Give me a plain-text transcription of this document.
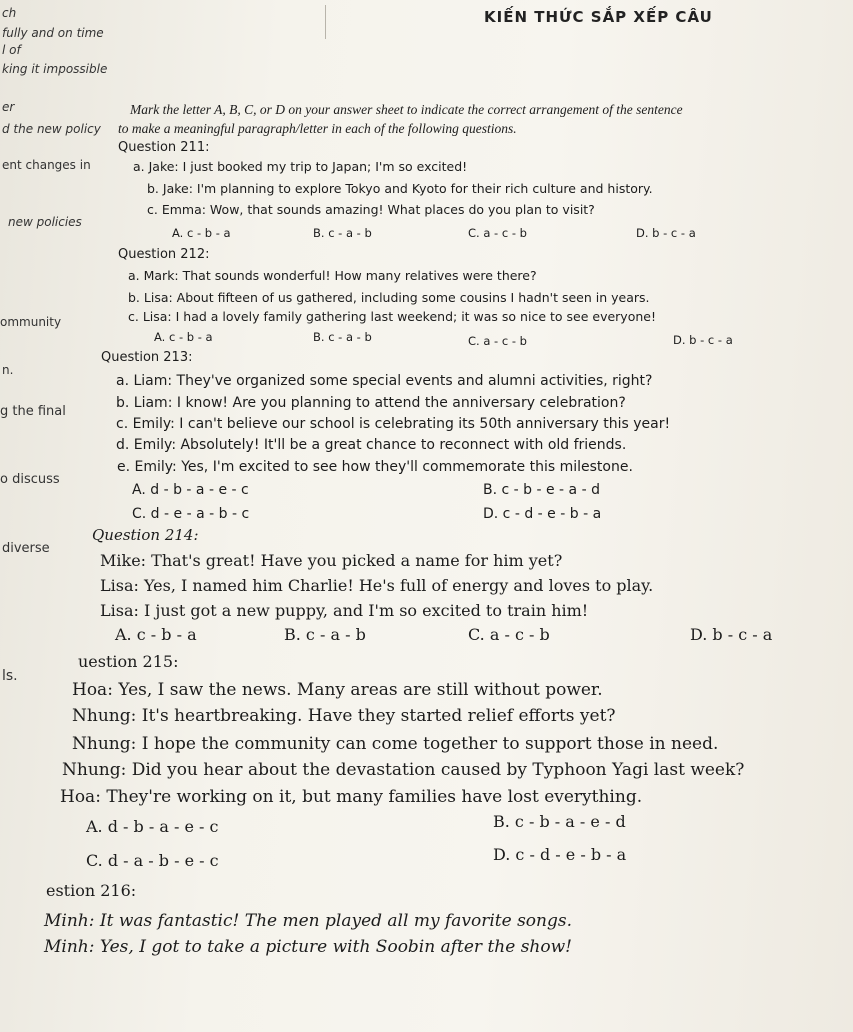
ch
fully and on time
l of
king it impossible
er
d the new policy
ent changes in
new policies
ommunity
n.
g the final
o discuss
diverse
ls.
KIẾN THỨC SẮP XẾP CÂU
Mark the letter A, B, C, or D on your answer sheet to indicate the correct arrangement of the sentence
to make a meaningful paragraph/letter in each of the following questions.
Question 211:
a. Jake: I just booked my trip to Japan; I'm so excited!
b. Jake: I'm planning to explore Tokyo and Kyoto for their rich culture and history.
c. Emma: Wow, that sounds amazing! What places do you plan to visit?
A. c - b - a	B. c - a - b	C. a - c - b	D. b - c - a
Question 212:
a. Mark: That sounds wonderful! How many relatives were there?
b. Lisa: About fifteen of us gathered, including some cousins I hadn't seen in years.
c. Lisa: I had a lovely family gathering last weekend; it was so nice to see everyone!
A. c - b - a	B. c - a - b	C. a - c - b	D. b - c - a
Question 213:
a. Liam: They've organized some special events and alumni activities, right?
b. Liam: I know! Are you planning to attend the anniversary celebration?
c. Emily: I can't believe our school is celebrating its 50th anniversary this year!
d. Emily: Absolutely! It'll be a great chance to reconnect with old friends.
e. Emily: Yes, I'm excited to see how they'll commemorate this milestone.
A. d - b - a - e - c	B. c - b - e - a - d
C. d - e - a - b - c	D. c - d - e - b - a
Question 214:
Mike: That's great! Have you picked a name for him yet?
Lisa: Yes, I named him Charlie! He's full of energy and loves to play.
Lisa: I just got a new puppy, and I'm so excited to train him!
A. c - b - a	B. c - a - b	C. a - c - b	D. b - c - a
uestion 215:
Hoa: Yes, I saw the news. Many areas are still without power.
Nhung: It's heartbreaking. Have they started relief efforts yet?
Nhung: I hope the community can come together to support those in need.
Nhung: Did you hear about the devastation caused by Typhoon Yagi last week?
Hoa: They're working on it, but many families have lost everything.
A. d - b - a - e - c	B. c - b - a - e - d
C. d - a - b - e - c	D. c - d - e - b - a
estion 216:
Minh: It was fantastic! The men played all my favorite songs.
Minh: Yes, I got to take a picture with Soobin after the show!
